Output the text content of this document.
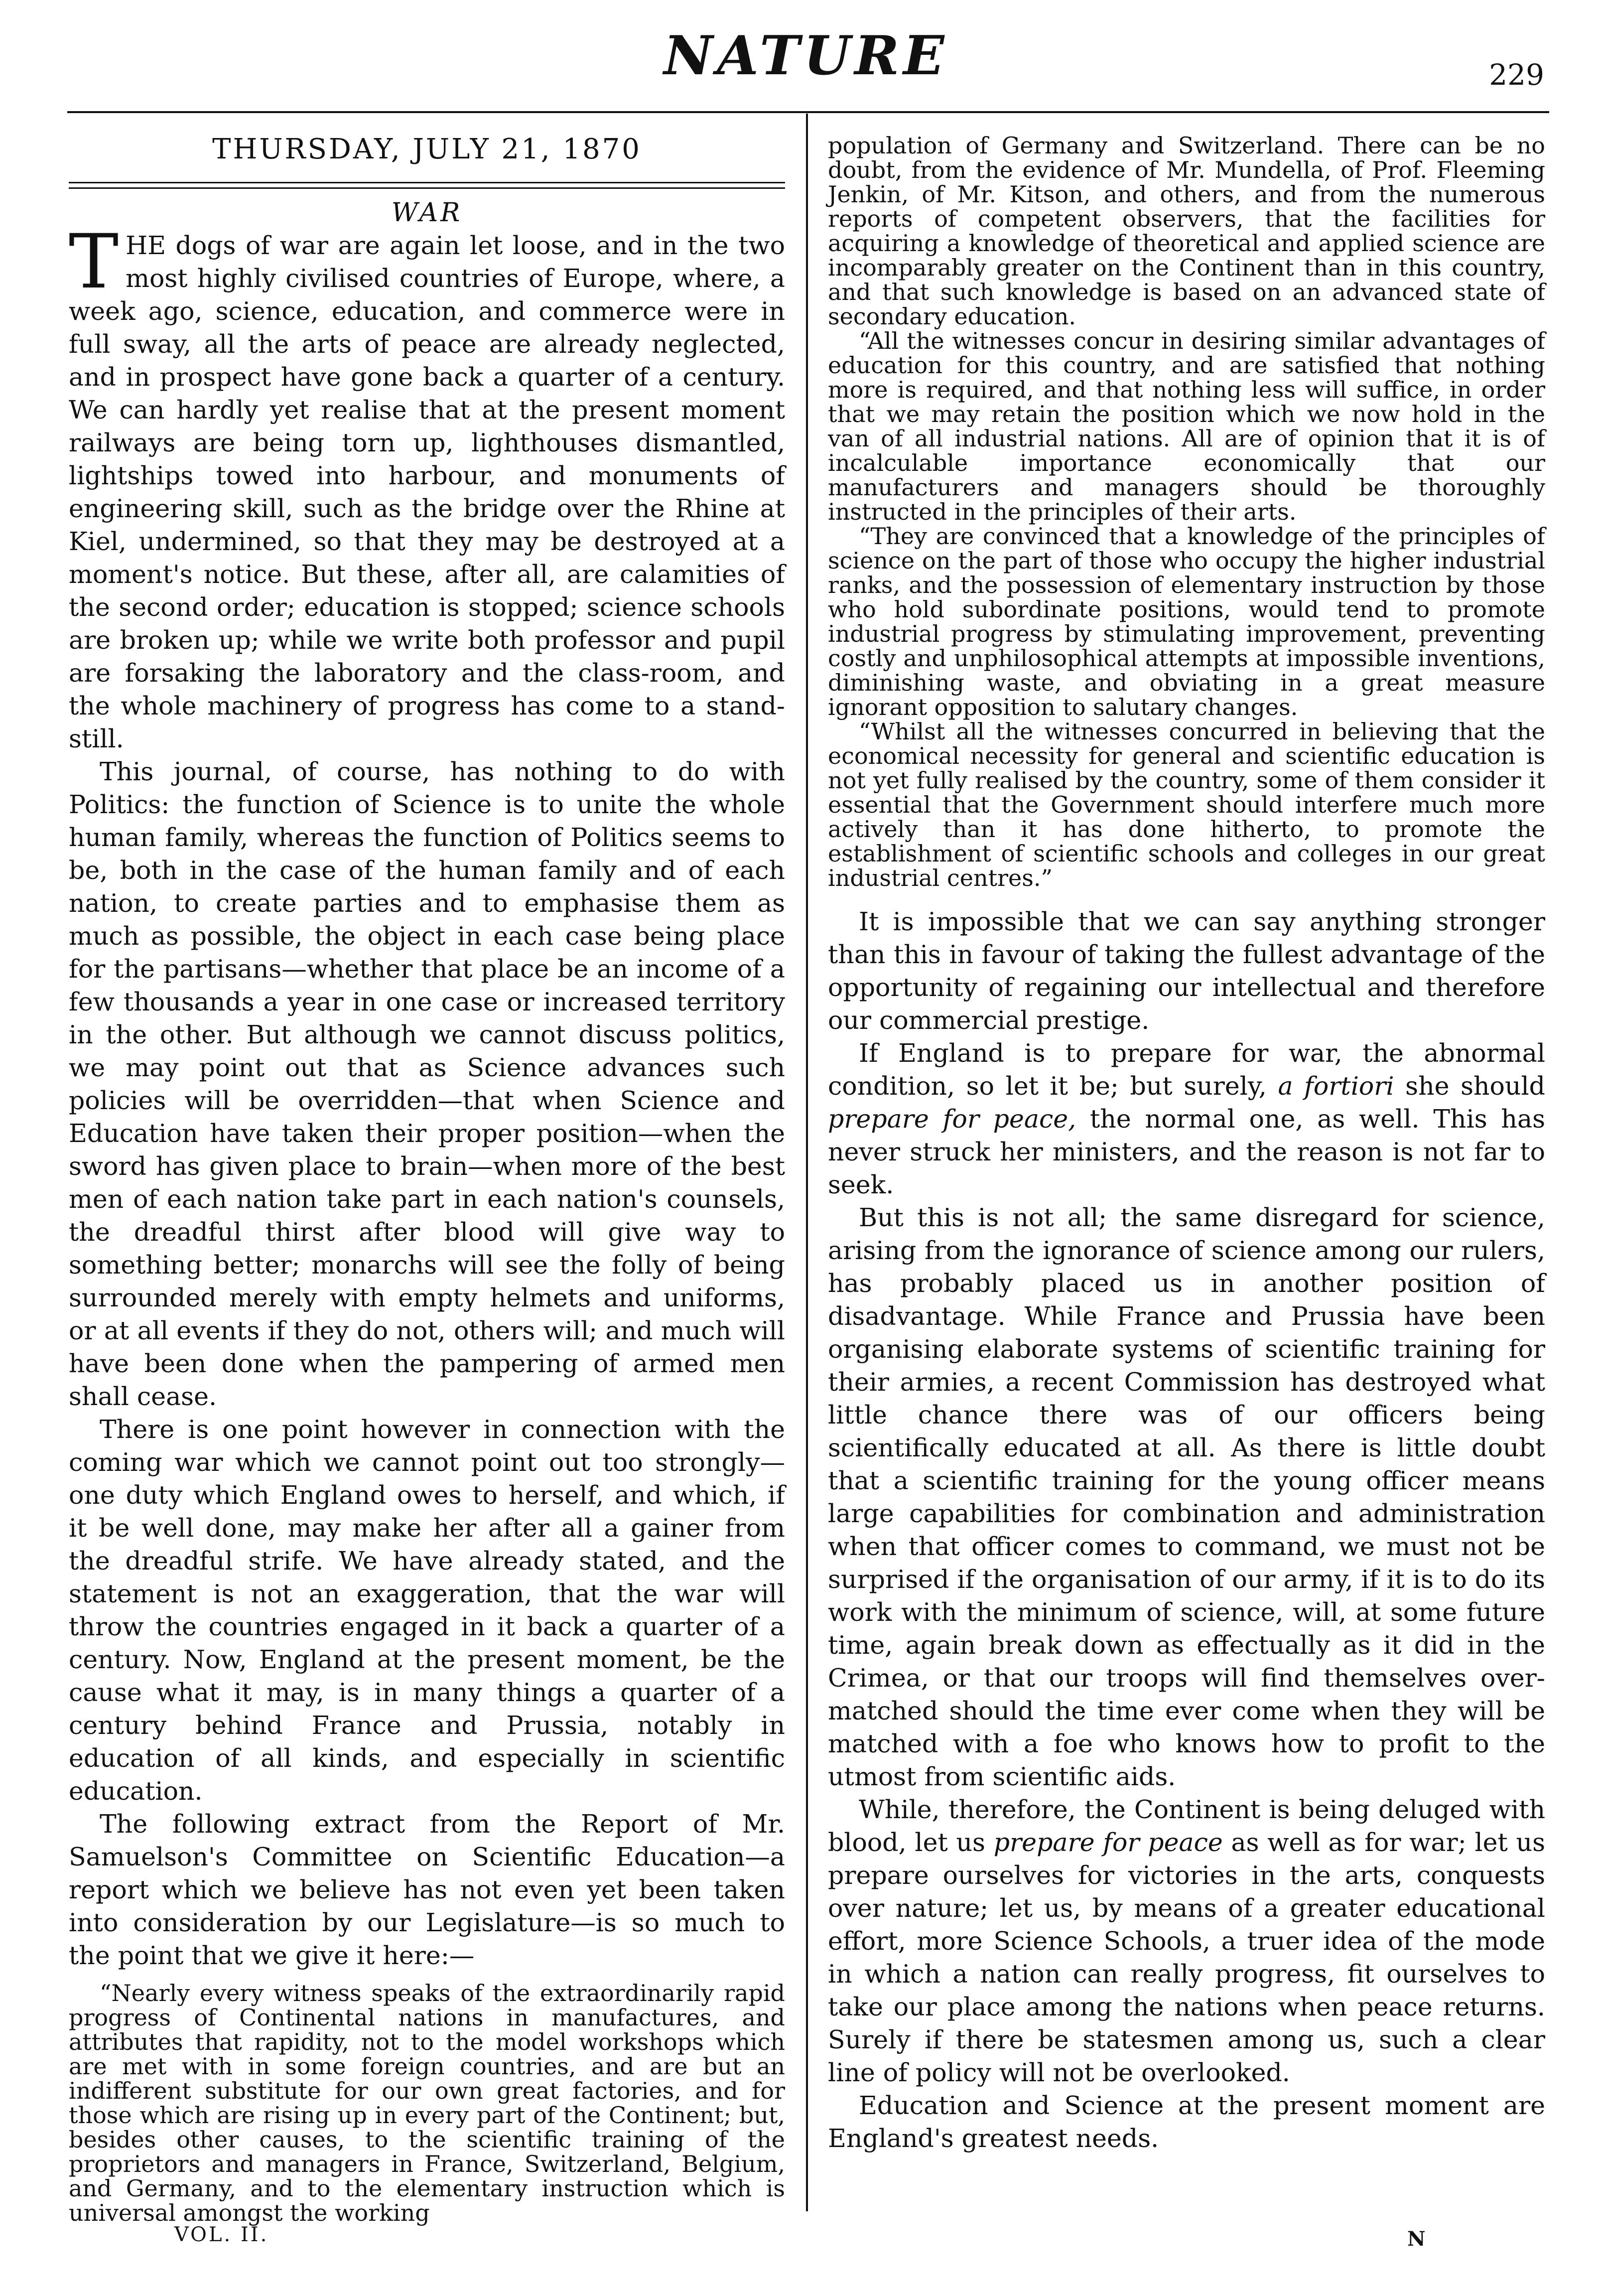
NATURE	229
THURSDAY, JULY 21, 1870
WAR

THE dogs of war are again let loose, and in the two most highly civilised countries of Europe, where, a week ago, science, education, and commerce were in full sway, all the arts of peace are already neglected, and in prospect have gone back a quarter of a century. We can hardly yet realise that at the present moment railways are being torn up, lighthouses dismantled, lightships towed into harbour, and monuments of engineering skill, such as the bridge over the Rhine at Kiel, undermined, so that they may be destroyed at a moment's notice. But these, after all, are calamities of the second order; education is stopped; science schools are broken up; while we write both professor and pupil are forsaking the laboratory and the class-room, and the whole machinery of progress has come to a stand-still.

This journal, of course, has nothing to do with Politics: the function of Science is to unite the whole human family, whereas the function of Politics seems to be, both in the case of the human family and of each nation, to create parties and to emphasise them as much as possible, the object in each case being place for the partisans—whether that place be an income of a few thousands a year in one case or increased territory in the other. But although we cannot discuss politics, we may point out that as Science advances such policies will be overridden—that when Science and Education have taken their proper position—when the sword has given place to brain—when more of the best men of each nation take part in each nation's counsels, the dreadful thirst after blood will give way to something better; monarchs will see the folly of being surrounded merely with empty helmets and uniforms, or at all events if they do not, others will; and much will have been done when the pampering of armed men shall cease.

There is one point however in connection with the coming war which we cannot point out too strongly—one duty which England owes to herself, and which, if it be well done, may make her after all a gainer from the dreadful strife. We have already stated, and the statement is not an exaggeration, that the war will throw the countries engaged in it back a quarter of a century. Now, England at the present moment, be the cause what it may, is in many things a quarter of a century behind France and Prussia, notably in education of all kinds, and especially in scientific education.

The following extract from the Report of Mr. Samuelson's Committee on Scientific Education—a report which we believe has not even yet been taken into consideration by our Legislature—is so much to the point that we give it here:—

“Nearly every witness speaks of the extraordinarily rapid progress of Continental nations in manufactures, and attributes that rapidity, not to the model workshops which are met with in some foreign countries, and are but an indifferent substitute for our own great factories, and for those which are rising up in every part of the Continent; but, besides other causes, to the scientific training of the proprietors and managers in France, Switzerland, Belgium, and Germany, and to the elementary instruction which is universal amongst the working

population of Germany and Switzerland. There can be no doubt, from the evidence of Mr. Mundella, of Prof. Fleeming Jenkin, of Mr. Kitson, and others, and from the numerous reports of competent observers, that the facilities for acquiring a knowledge of theoretical and applied science are incomparably greater on the Continent than in this country, and that such knowledge is based on an advanced state of secondary education.

“All the witnesses concur in desiring similar advantages of education for this country, and are satisfied that nothing more is required, and that nothing less will suffice, in order that we may retain the position which we now hold in the van of all industrial nations. All are of opinion that it is of incalculable importance economically that our manufacturers and managers should be thoroughly instructed in the principles of their arts.

“They are convinced that a knowledge of the principles of science on the part of those who occupy the higher industrial ranks, and the possession of elementary instruction by those who hold subordinate positions, would tend to promote industrial progress by stimulating improvement, preventing costly and unphilosophical attempts at impossible inventions, diminishing waste, and obviating in a great measure ignorant opposition to salutary changes.

“Whilst all the witnesses concurred in believing that the economical necessity for general and scientific education is not yet fully realised by the country, some of them consider it essential that the Government should interfere much more actively than it has done hitherto, to promote the establishment of scientific schools and colleges in our great industrial centres.”

It is impossible that we can say anything stronger than this in favour of taking the fullest advantage of the opportunity of regaining our intellectual and therefore our commercial prestige.

If England is to prepare for war, the abnormal condition, so let it be; but surely, a fortiori she should prepare for peace, the normal one, as well. This has never struck her ministers, and the reason is not far to seek.

But this is not all; the same disregard for science, arising from the ignorance of science among our rulers, has probably placed us in another position of disadvantage. While France and Prussia have been organising elaborate systems of scientific training for their armies, a recent Commission has destroyed what little chance there was of our officers being scientifically educated at all. As there is little doubt that a scientific training for the young officer means large capabilities for combination and administration when that officer comes to command, we must not be surprised if the organisation of our army, if it is to do its work with the minimum of science, will, at some future time, again break down as effectually as it did in the Crimea, or that our troops will find themselves over-matched should the time ever come when they will be matched with a foe who knows how to profit to the utmost from scientific aids.

While, therefore, the Continent is being deluged with blood, let us prepare for peace as well as for war; let us prepare ourselves for victories in the arts, conquests over nature; let us, by means of a greater educational effort, more Science Schools, a truer idea of the mode in which a nation can really progress, fit ourselves to take our place among the nations when peace returns. Surely if there be statesmen among us, such a clear line of policy will not be overlooked.

Education and Science at the present moment are England's greatest needs.

VOL. II.	N
